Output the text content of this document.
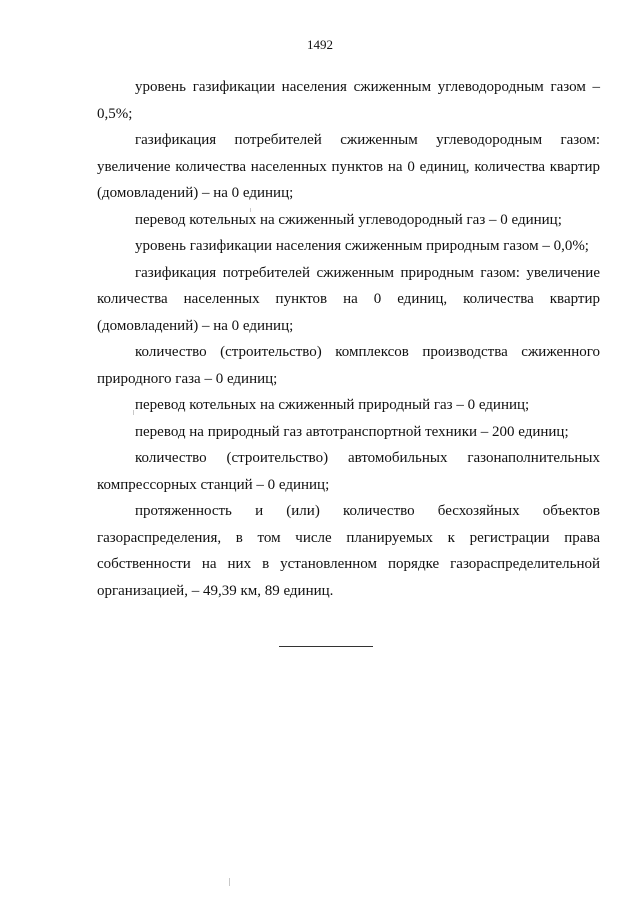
1492

уровень газификации населения сжиженным углеводородным газом – 0,5%;

газификация потребителей сжиженным углеводородным газом: увеличение количества населенных пунктов на 0 единиц, количества квартир (домовладений) – на 0 единиц;

перевод котельных на сжиженный углеводородный газ – 0 единиц;

уровень газификации населения сжиженным природным газом – 0,0%;

газификация потребителей сжиженным природным газом: увеличение количества населенных пунктов на 0 единиц, количества квартир (домовладений) – на 0 единиц;

количество (строительство) комплексов производства сжиженного природного газа – 0 единиц;

перевод котельных на сжиженный природный газ – 0 единиц;

перевод на природный газ автотранспортной техники – 200 единиц;

количество (строительство) автомобильных газонаполнительных компрессорных станций – 0 единиц;

протяженность и (или) количество бесхозяйных объектов газораспределения, в том числе планируемых к регистрации права собственности на них в установленном порядке газораспределительной организацией, – 49,39 км, 89 единиц.
